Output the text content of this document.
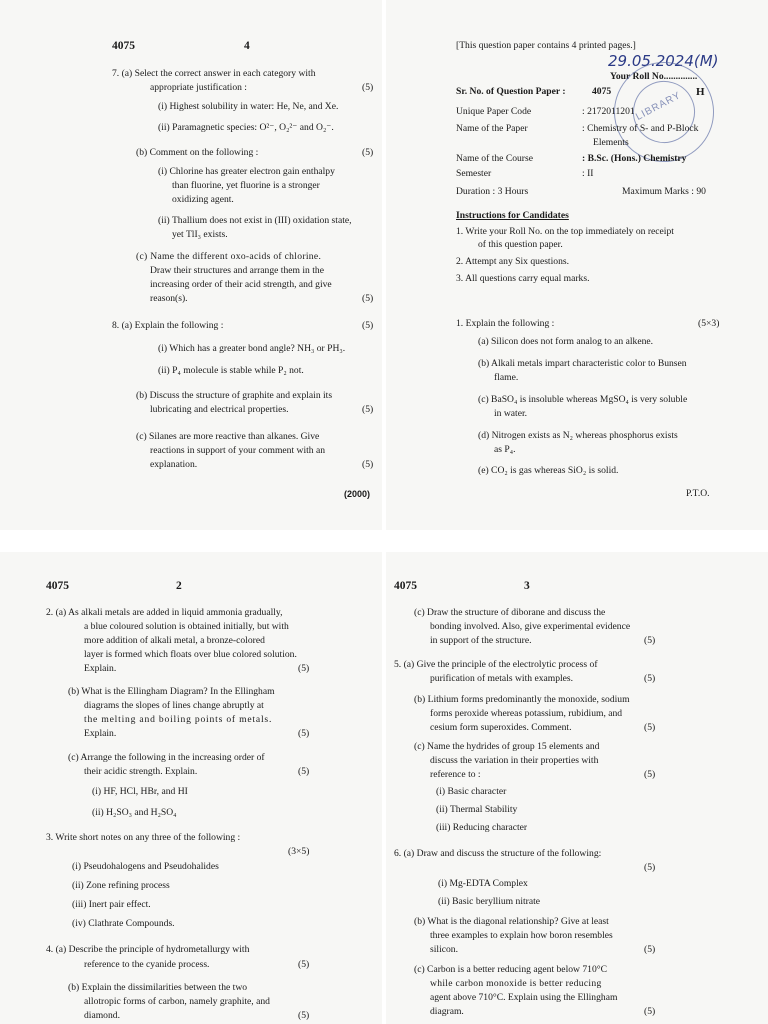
4075	4
7. (a) Select the correct answer in each category with
appropriate justification :	(5)
(i) Highest solubility in water: He, Ne, and Xe.
(ii) Paramagnetic species: O²⁻, O₂²⁻ and O₂⁻.
(b) Comment on the following :	(5)
(i) Chlorine has greater electron gain enthalpy
than fluorine, yet fluorine is a stronger
oxidizing agent.
(ii) Thallium does not exist in (III) oxidation state,
yet TlI₃ exists.
(c) Name the different oxo-acids of chlorine.
Draw their structures and arrange them in the
increasing order of their acid strength, and give
reason(s).	(5)
8. (a) Explain the following :	(5)
(i) Which has a greater bond angle? NH₃ or PH₃.
(ii) P₄ molecule is stable while P₂ not.
(b) Discuss the structure of graphite and explain its
lubricating and electrical properties.	(5)
(c) Silanes are more reactive than alkanes. Give
reactions in support of your comment with an
explanation.	(5)
(2000)
[This question paper contains 4 printed pages.]
29.05.2024(M)
Your Roll No..............
LIBRARY
Sr. No. of Question Paper :	4075	H
Unique Paper Code	: 2172011201
Name of the Paper	: Chemistry of S- and P-Block
Elements
Name of the Course	: B.Sc. (Hons.) Chemistry
Semester	: II
Duration : 3 Hours	Maximum Marks : 90
Instructions for Candidates
1. Write your Roll No. on the top immediately on receipt
of this question paper.
2. Attempt any Six questions.
3. All questions carry equal marks.
1. Explain the following :	(5×3)
(a) Silicon does not form analog to an alkene.
(b) Alkali metals impart characteristic color to Bunsen
flame.
(c) BaSO₄ is insoluble whereas MgSO₄ is very soluble
in water.
(d) Nitrogen exists as N₂ whereas phosphorus exists
as P₄.
(e) CO₂ is gas whereas SiO₂ is solid.
P.T.O.
4075	2
2. (a) As alkali metals are added in liquid ammonia gradually,
a blue coloured solution is obtained initially, but with
more addition of alkali metal, a bronze-colored
layer is formed which floats over blue colored solution.
Explain.	(5)
(b) What is the Ellingham Diagram? In the Ellingham
diagrams the slopes of lines change abruptly at
the melting and boiling points of metals.
Explain.	(5)
(c) Arrange the following in the increasing order of
their acidic strength. Explain.	(5)
(i) HF, HCl, HBr, and HI
(ii) H₂SO₃ and H₂SO₄
3. Write short notes on any three of the following :
(3×5)
(i) Pseudohalogens and Pseudohalides
(ii) Zone refining process
(iii) Inert pair effect.
(iv) Clathrate Compounds.
4. (a) Describe the principle of hydrometallurgy with
reference to the cyanide process.	(5)
(b) Explain the dissimilarities between the two
allotropic forms of carbon, namely graphite, and
diamond.	(5)
4075	3
(c) Draw the structure of diborane and discuss the
bonding involved. Also, give experimental evidence
in support of the structure.	(5)
5. (a) Give the principle of the electrolytic process of
purification of metals with examples.	(5)
(b) Lithium forms predominantly the monoxide, sodium
forms peroxide whereas potassium, rubidium, and
cesium form superoxides. Comment.	(5)
(c) Name the hydrides of group 15 elements and
discuss the variation in their properties with
reference to :	(5)
(i) Basic character
(ii) Thermal Stability
(iii) Reducing character
6. (a) Draw and discuss the structure of the following:
(5)
(i) Mg-EDTA Complex
(ii) Basic beryllium nitrate
(b) What is the diagonal relationship? Give at least
three examples to explain how boron resembles
silicon.	(5)
(c) Carbon is a better reducing agent below 710°C
while carbon monoxide is better reducing
agent above 710°C. Explain using the Ellingham
diagram.	(5)
